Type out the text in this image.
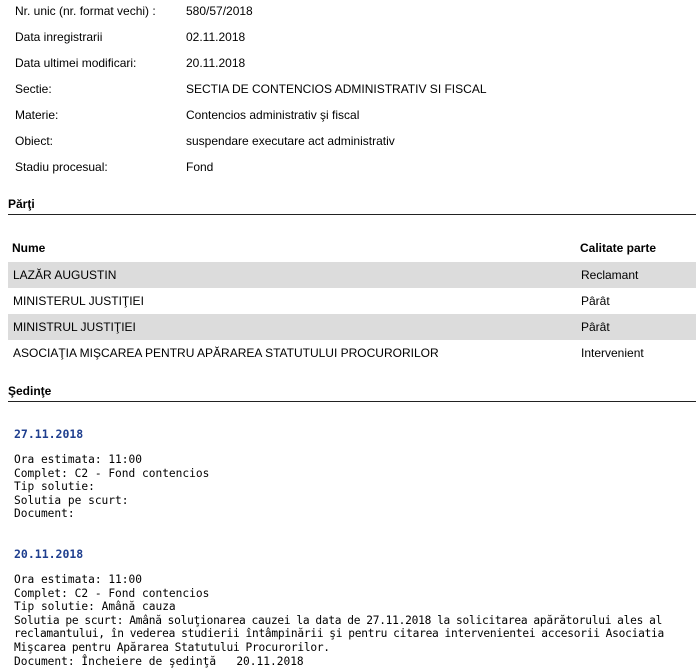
Nr. unic (nr. format vechi) :	580/57/2018
Data inregistrarii	02.11.2018
Data ultimei modificari:	20.11.2018
Sectie:	SECTIA DE CONTENCIOS ADMINISTRATIV SI FISCAL
Materie:	Contencios administrativ şi fiscal
Obiect:	suspendare executare act administrativ
Stadiu procesual:	Fond
Părţi
Nume	Calitate parte
LAZĂR AUGUSTIN	Reclamant
MINISTERUL JUSTIŢIEI	Pârât
MINISTRUL JUSTIŢIEI	Pârât
ASOCIAŢIA MIŞCAREA PENTRU APĂRAREA STATUTULUI PROCURORILOR	Intervenient
Şedinţe
27.11.2018
Ora estimata: 11:00
Complet: C2 - Fond contencios
Tip solutie:
Solutia pe scurt:
Document:
20.11.2018
Ora estimata: 11:00
Complet: C2 - Fond contencios
Tip solutie: Amână cauza
Solutia pe scurt: Amână soluţionarea cauzei la data de 27.11.2018 la solicitarea apărătorului ales al reclamantului, în vederea studierii întâmpinării şi pentru citarea intervenientei accesorii Asociatia Mişcarea pentru Apărarea Statutului Procurorilor.
Document: Încheiere de şedinţă 20.11.2018
